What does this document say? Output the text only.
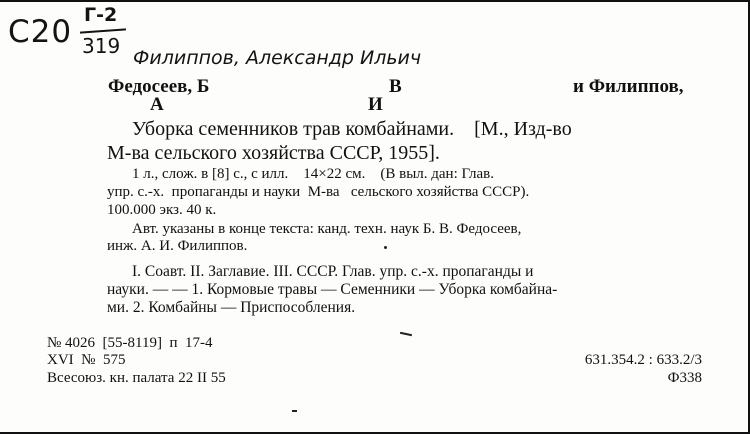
С20 Г-2
319 Филиппов, Александр Ильич
Федосеев, Б
А
В
И
и Филиппов,
Уборка семенников трав комбайнами.    [М., Изд-во
М-ва сельского хозяйства СССР, 1955].
1 л., слож. в [8] с., с илл.    14×22 см.    (В выл. дан: Глав.
упр. с.-х.  пропаганды и науки  М-ва   сельского хозяйства СССР).
100.000 экз. 40 к.
Авт. указаны в конце текста: канд. техн. наук Б. В. Федосеев,
инж. А. И. Филиппов.
I. Соавт. II. Заглавие. III. СССР. Глав. упр. с.-х. пропаганды и
науки. — — 1. Кормовые травы — Семенники — Уборка комбайна-
ми. 2. Комбайны — Приспособления.
№ 4026  [55-8119]  п  17-4
XVI  №  575
Всесоюз. кн. палата 22 II 55
631.354.2 : 633.2/3
Ф338
